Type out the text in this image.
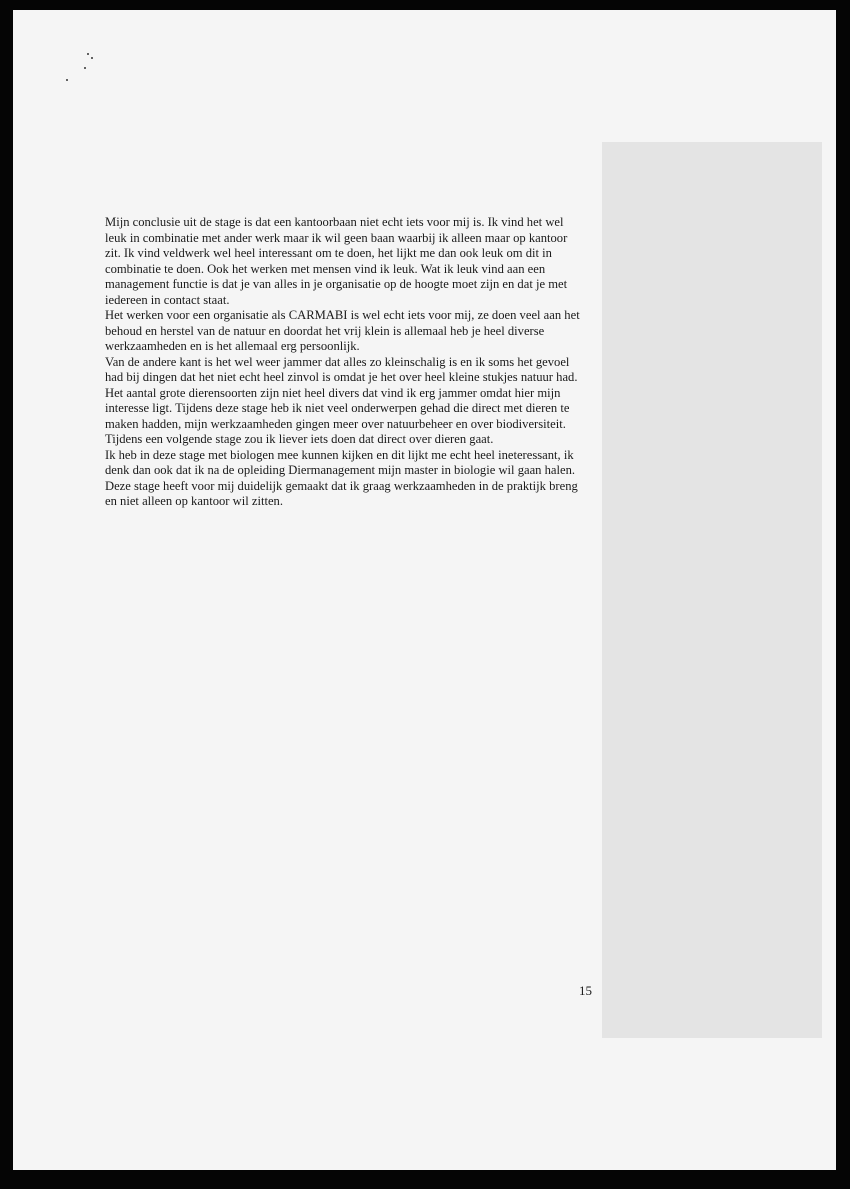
Mijn conclusie uit de stage is dat een kantoorbaan niet echt iets voor mij is. Ik vind het wel
leuk in combinatie met ander werk maar ik wil geen baan waarbij ik alleen maar op kantoor
zit. Ik vind veldwerk wel heel interessant om te doen, het lijkt me dan ook leuk om dit in
combinatie te doen. Ook het werken met mensen vind ik leuk. Wat ik leuk vind aan een
management functie is dat je van alles in je organisatie op de hoogte moet zijn en dat je met
iedereen in contact staat.

Het werken voor een organisatie als CARMABI is wel echt iets voor mij, ze doen veel aan het
behoud en herstel van de natuur en doordat het vrij klein is allemaal heb je heel diverse
werkzaamheden en is het allemaal erg persoonlijk.

Van de andere kant is het wel weer jammer dat alles zo kleinschalig is en ik soms het gevoel
had bij dingen dat het niet echt heel zinvol is omdat je het over heel kleine stukjes natuur had.
Het aantal grote dierensoorten zijn niet heel divers dat vind ik erg jammer omdat hier mijn
interesse ligt. Tijdens deze stage heb ik niet veel onderwerpen gehad die direct met dieren te
maken hadden, mijn werkzaamheden gingen meer over natuurbeheer en over biodiversiteit.
Tijdens een volgende stage zou ik liever iets doen dat direct over dieren gaat.

Ik heb in deze stage met biologen mee kunnen kijken en dit lijkt me echt heel ineteressant, ik
denk dan ook dat ik na de opleiding Diermanagement mijn master in biologie wil gaan halen.
Deze stage heeft voor mij duidelijk gemaakt dat ik graag werkzaamheden in de praktijk breng
en niet alleen op kantoor wil zitten.

15
